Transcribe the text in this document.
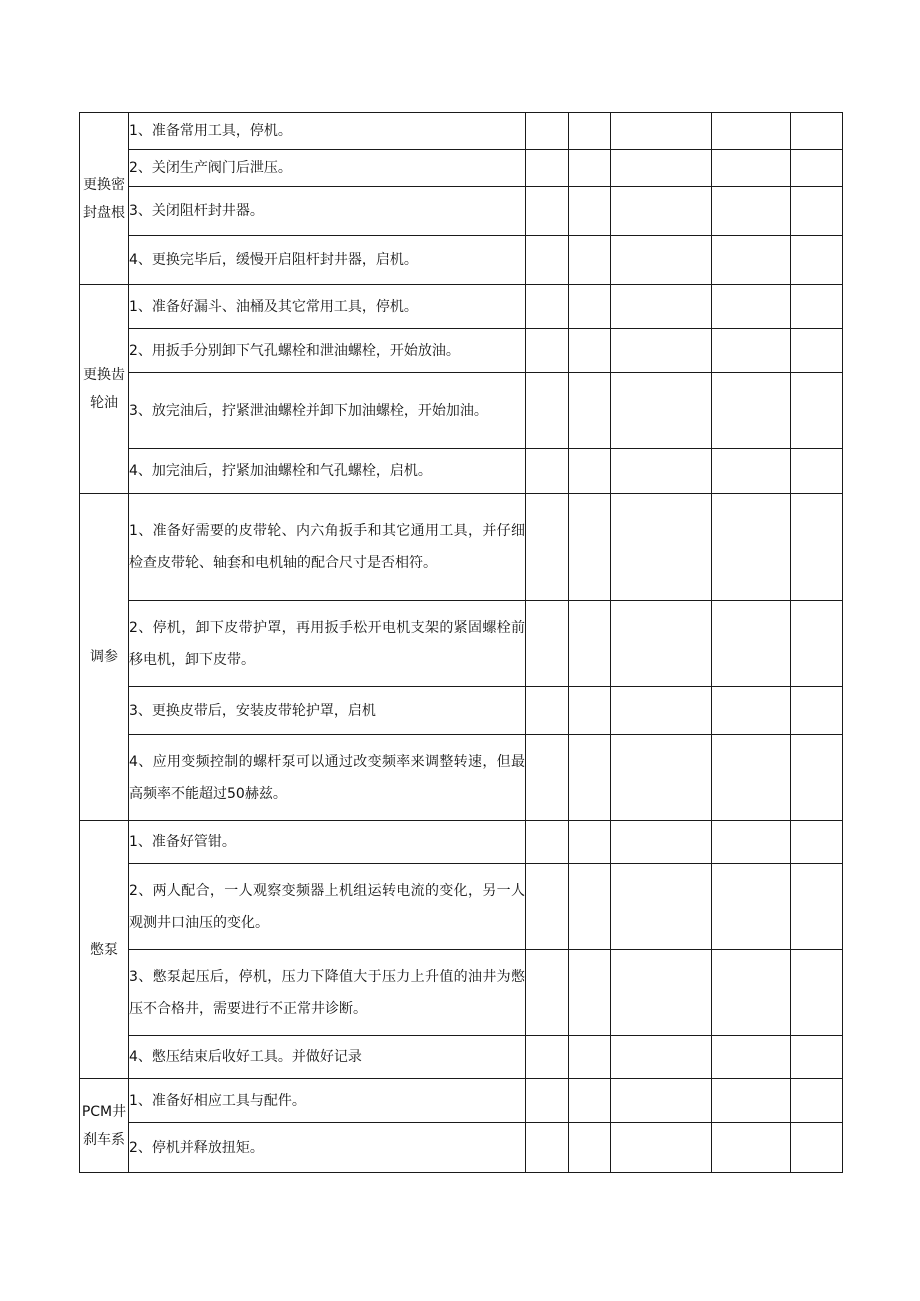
更换密封盘根	1、准备常用工具，停机。					

	2、关闭生产阀门后泄压。					

	3、关闭阻杆封井器。					

	4、更换完毕后，缓慢开启阻杆封井器，启机。					

更换齿轮油	1、准备好漏斗、油桶及其它常用工具，停机。					

	2、用扳手分别卸下气孔螺栓和泄油螺栓，开始放油。					

	3、放完油后，拧紧泄油螺栓并卸下加油螺栓，开始加油。					

	4、加完油后，拧紧加油螺栓和气孔螺栓，启机。					

调参	1、准备好需要的皮带轮、内六角扳手和其它通用工具，并仔细检查皮带轮、轴套和电机轴的配合尺寸是否相符。					

	2、停机，卸下皮带护罩，再用扳手松开电机支架的紧固螺栓前移电机，卸下皮带。					

	3、更换皮带后，安装皮带轮护罩，启机					

	4、应用变频控制的螺杆泵可以通过改变频率来调整转速，但最高频率不能超过50赫兹。					

憋泵	1、准备好管钳。					

	2、两人配合，一人观察变频器上机组运转电流的变化，另一人观测井口油压的变化。					

	3、憋泵起压后，停机，压力下降值大于压力上升值的油井为憋压不合格井，需要进行不正常井诊断。					

	4、憋压结束后收好工具。并做好记录					

PCM井刹车系	1、准备好相应工具与配件。					

	2、停机并释放扭矩。					
